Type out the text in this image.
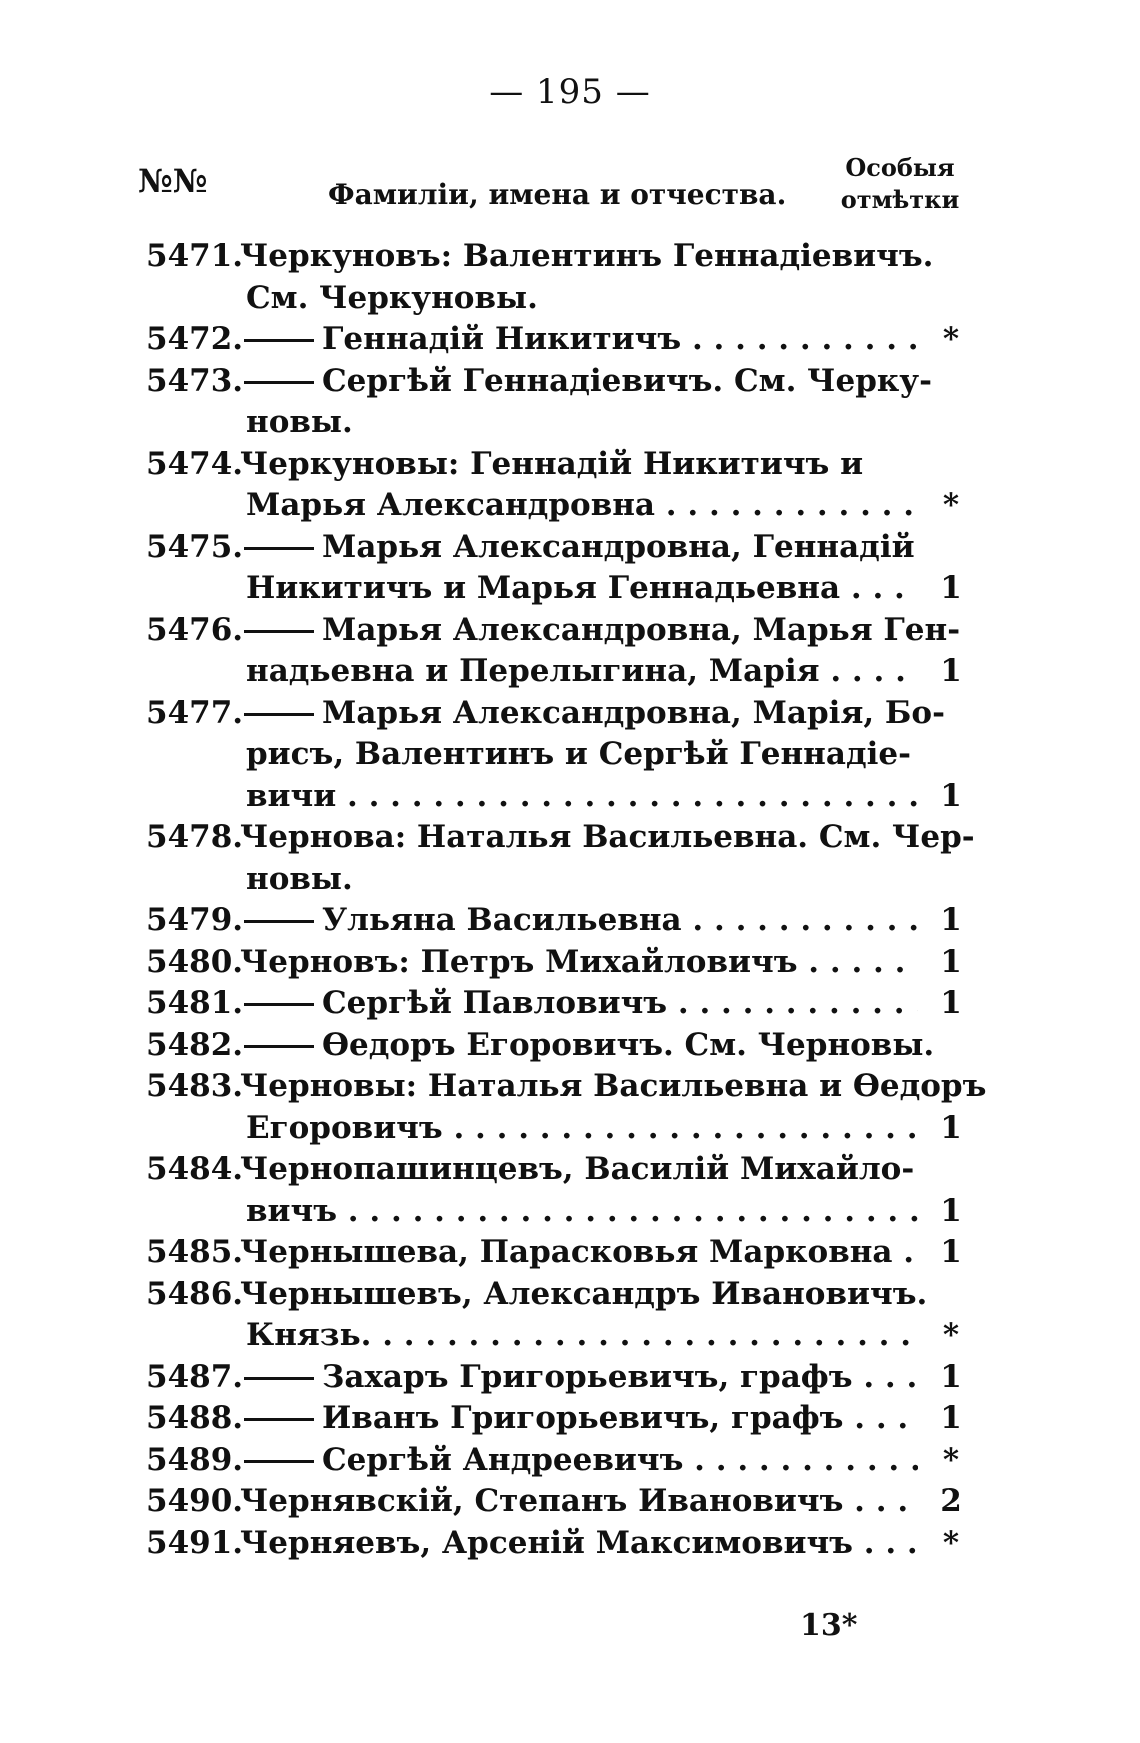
— 195 —
№№	Фамиліи, имена и отчества.
Особыя
отмѣтки
5471.
Черкуновъ: Валентинъ Геннадіевичъ.
См. Черкуновы.
5472.	Геннадій Никитичъ . . .	*
5473.	Сергѣй Геннадіевичъ. См. Черку-
новы.
5474.
Черкуновы: Геннадій Никитичъ и
Марья Александровна . . .	*
5475.	Марья Александровна, Геннадій
Никитичъ и Марья Геннадьевна . . .	1
5476.	Марья Александровна, Марья Ген-
надьевна и Перелыгина, Марія . . .	1
5477.	Марья Александровна, Марія, Бо-
рисъ, Валентинъ и Сергѣй Геннадіе-
вичи . . .	1
5478.
Чернова: Наталья Васильевна. См. Чер-
новы.
5479.	Ульяна Васильевна . . .	1
5480.
Черновъ: Петръ Михайловичъ . . .	1
5481.	Сергѣй Павловичъ . . .	1
5482.	Ѳедоръ Егоровичъ. См. Черновы.
5483.
Черновы: Наталья Васильевна и Ѳедоръ
Егоровичъ . . .	1
5484.
Чернопашинцевъ, Василій Михайло-
вичъ . . .	1
5485.
Чернышева, Парасковья Марковна . . .	1
5486.
Чернышевъ, Александръ Ивановичъ.
Князь. . . .	*
5487.	Захаръ Григорьевичъ, графъ . . .	1
5488.	Иванъ Григорьевичъ, графъ . . .	1
5489.	Сергѣй Андреевичъ . . .	*
5490.
Чернявскій, Степанъ Ивановичъ . . .	2
5491.
Черняевъ, Арсеній Максимовичъ . . .	*
13*
